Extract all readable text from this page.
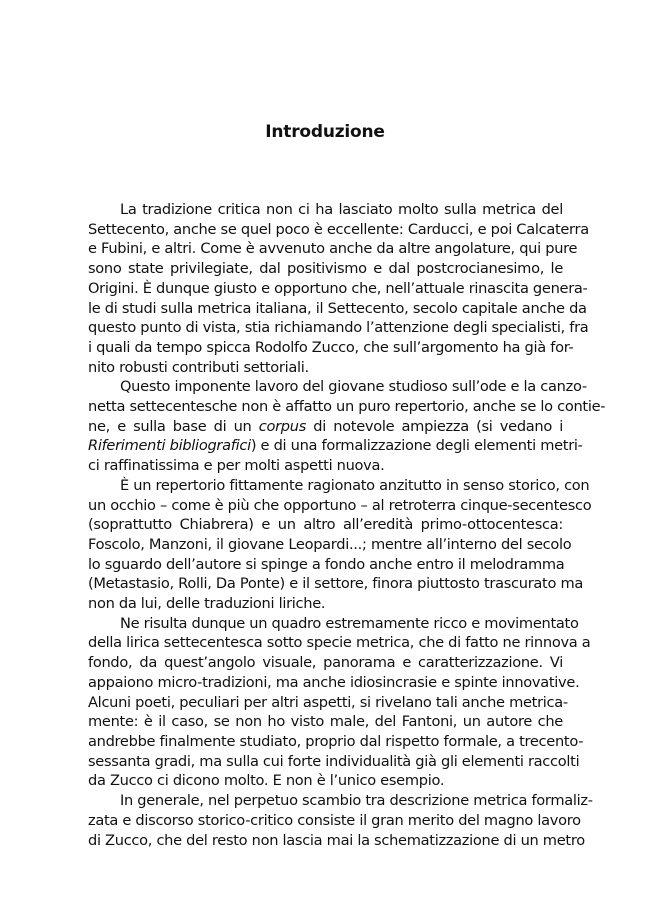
Introduzione
La tradizione critica non ci ha lasciato molto sulla metrica del
Settecento, anche se quel poco è eccellente: Carducci, e poi Calcaterra
e Fubini, e altri. Come è avvenuto anche da altre angolature, qui pure
sono state privilegiate, dal positivismo e dal postcrocianesimo, le
Origini. È dunque giusto e opportuno che, nell’attuale rinascita genera-
le di studi sulla metrica italiana, il Settecento, secolo capitale anche da
questo punto di vista, stia richiamando l’attenzione degli specialisti, fra
i quali da tempo spicca Rodolfo Zucco, che sull’argomento ha già for-
nito robusti contributi settoriali.
Questo imponente lavoro del giovane studioso sull’ode e la canzo-
netta settecentesche non è affatto un puro repertorio, anche se lo contie-
ne, e sulla base di un corpus di notevole ampiezza (si vedano i
Riferimenti bibliografici) e di una formalizzazione degli elementi metri-
ci raffinatissima e per molti aspetti nuova.
È un repertorio fittamente ragionato anzitutto in senso storico, con
un occhio – come è più che opportuno – al retroterra cinque-secentesco
(soprattutto Chiabrera) e un altro all’eredità primo-ottocentesca:
Foscolo, Manzoni, il giovane Leopardi...; mentre all’interno del secolo
lo sguardo dell’autore si spinge a fondo anche entro il melodramma
(Metastasio, Rolli, Da Ponte) e il settore, finora piuttosto trascurato ma
non da lui, delle traduzioni liriche.
Ne risulta dunque un quadro estremamente ricco e movimentato
della lirica settecentesca sotto specie metrica, che di fatto ne rinnova a
fondo, da quest’angolo visuale, panorama e caratterizzazione. Vi
appaiono micro-tradizioni, ma anche idiosincrasie e spinte innovative.
Alcuni poeti, peculiari per altri aspetti, si rivelano tali anche metrica-
mente: è il caso, se non ho visto male, del Fantoni, un autore che
andrebbe finalmente studiato, proprio dal rispetto formale, a trecento-
sessanta gradi, ma sulla cui forte individualità già gli elementi raccolti
da Zucco ci dicono molto. E non è l’unico esempio.
In generale, nel perpetuo scambio tra descrizione metrica formaliz-
zata e discorso storico-critico consiste il gran merito del magno lavoro
di Zucco, che del resto non lascia mai la schematizzazione di un metro
